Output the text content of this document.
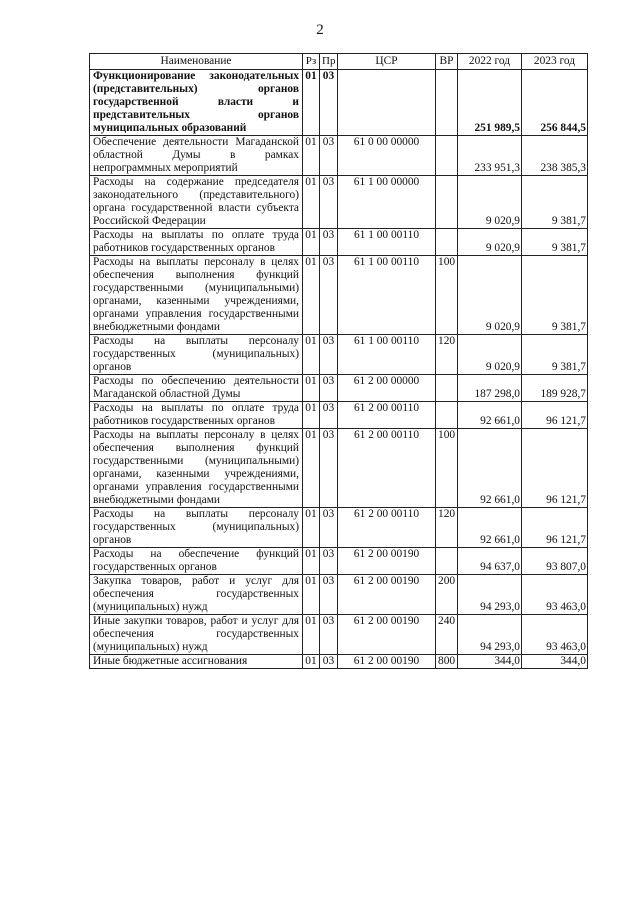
2
Наименование	Рз	Пр	ЦСР	ВР	2022 год	2023 год
Функционирование законодательных (представительных) органов государственной власти и представительных органов муниципальных образований	01	03			251 989,5	256 844,5
Обеспечение деятельности Магаданской областной Думы в рамках непрограммных мероприятий	01	03	61 0 00 00000		233 951,3	238 385,3
Расходы на содержание председателя законодательного (представительного) органа государственной власти субъекта Российской Федерации	01	03	61 1 00 00000		9 020,9	9 381,7
Расходы на выплаты по оплате труда работников государственных органов	01	03	61 1 00 00110		9 020,9	9 381,7
Расходы на выплаты персоналу в целях обеспечения выполнения функций государственными (муниципальными) органами, казенными учреждениями, органами управления государственными внебюджетными фондами	01	03	61 1 00 00110	100	9 020,9	9 381,7
Расходы на выплаты персоналу государственных (муниципальных) органов	01	03	61 1 00 00110	120	9 020,9	9 381,7
Расходы по обеспечению деятельности Магаданской областной Думы	01	03	61 2 00 00000		187 298,0	189 928,7
Расходы на выплаты по оплате труда работников государственных органов	01	03	61 2 00 00110		92 661,0	96 121,7
Расходы на выплаты персоналу в целях обеспечения выполнения функций государственными (муниципальными) органами, казенными учреждениями, органами управления государственными внебюджетными фондами	01	03	61 2 00 00110	100	92 661,0	96 121,7
Расходы на выплаты персоналу государственных (муниципальных) органов	01	03	61 2 00 00110	120	92 661,0	96 121,7
Расходы на обеспечение функций государственных органов	01	03	61 2 00 00190		94 637,0	93 807,0
Закупка товаров, работ и услуг для обеспечения государственных (муниципальных) нужд	01	03	61 2 00 00190	200	94 293,0	93 463,0
Иные закупки товаров, работ и услуг для обеспечения государственных (муниципальных) нужд	01	03	61 2 00 00190	240	94 293,0	93 463,0
Иные бюджетные ассигнования	01	03	61 2 00 00190	800	344,0	344,0
